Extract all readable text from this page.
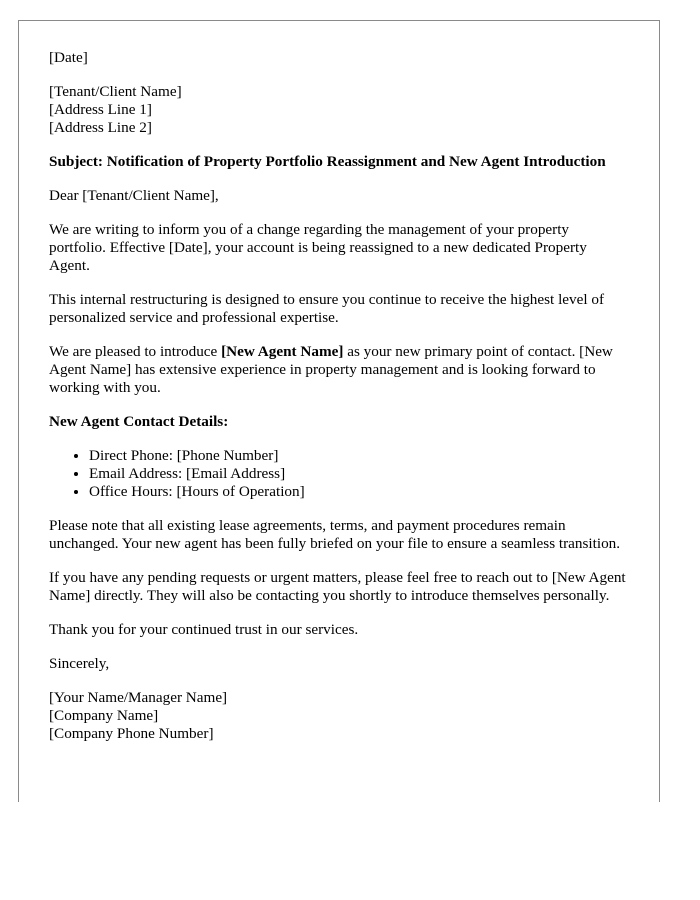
[Date]

[Tenant/Client Name]
[Address Line 1]
[Address Line 2]

Subject: Notification of Property Portfolio Reassignment and New Agent Introduction

Dear [Tenant/Client Name],

We are writing to inform you of a change regarding the management of your property portfolio. Effective [Date], your account is being reassigned to a new dedicated Property Agent.

This internal restructuring is designed to ensure you continue to receive the highest level of personalized service and professional expertise.

We are pleased to introduce [New Agent Name] as your new primary point of contact. [New Agent Name] has extensive experience in property management and is looking forward to working with you.

New Agent Contact Details:

• Direct Phone: [Phone Number]
• Email Address: [Email Address]
• Office Hours: [Hours of Operation]

Please note that all existing lease agreements, terms, and payment procedures remain unchanged. Your new agent has been fully briefed on your file to ensure a seamless transition.

If you have any pending requests or urgent matters, please feel free to reach out to [New Agent Name] directly. They will also be contacting you shortly to introduce themselves personally.

Thank you for your continued trust in our services.

Sincerely,

[Your Name/Manager Name]
[Company Name]
[Company Phone Number]
